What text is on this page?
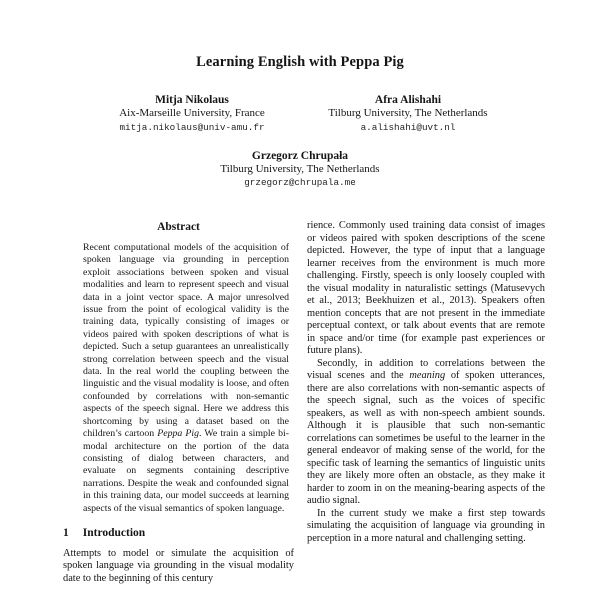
Learning English with Peppa Pig
Mitja Nikolaus
Aix-Marseille University, France
mitja.nikolaus@univ-amu.fr
Afra Alishahi
Tilburg University, The Netherlands
a.alishahi@uvt.nl
Grzegorz Chrupała
Tilburg University, The Netherlands
grzegorz@chrupala.me
Abstract

Recent computational models of the acquisition of spoken language via grounding in perception exploit associations between spoken and visual modalities and learn to represent speech and visual data in a joint vector space. A major unresolved issue from the point of ecological validity is the training data, typically consisting of images or videos paired with spoken descriptions of what is depicted. Such a setup guarantees an unrealistically strong correlation between speech and the visual data. In the real world the coupling between the linguistic and the visual modality is loose, and often confounded by correlations with non-semantic aspects of the speech signal. Here we address this shortcoming by using a dataset based on the children’s cartoon Peppa Pig. We train a simple bi-modal architecture on the portion of the data consisting of dialog between characters, and evaluate on segments containing descriptive narrations. Despite the weak and confounded signal in this training data, our model succeeds at learning aspects of the visual semantics of spoken language.

1 Introduction

Attempts to model or simulate the acquisition of spoken language via grounding in the visual modality date to the beginning of this century

rience. Commonly used training data consist of images or videos paired with spoken descriptions of the scene depicted. However, the type of input that a language learner receives from the environment is much more challenging. Firstly, speech is only loosely coupled with the visual modality in naturalistic settings (Matusevych et al., 2013; Beekhuizen et al., 2013). Speakers often mention concepts that are not present in the immediate perceptual context, or talk about events that are remote in space and/or time (for example past experiences or future plans).

Secondly, in addition to correlations between the visual scenes and the meaning of spoken utterances, there are also correlations with non-semantic aspects of the speech signal, such as the voices of specific speakers, as well as with non-speech ambient sounds. Although it is plausible that such non-semantic correlations can sometimes be useful to the learner in the general endeavor of making sense of the world, for the specific task of learning the semantics of linguistic units they are likely more often an obstacle, as they make it harder to zoom in on the meaning-bearing aspects of the audio signal.

In the current study we make a first step towards simulating the acquisition of language via grounding in perception in a more natural and challenging setting.
